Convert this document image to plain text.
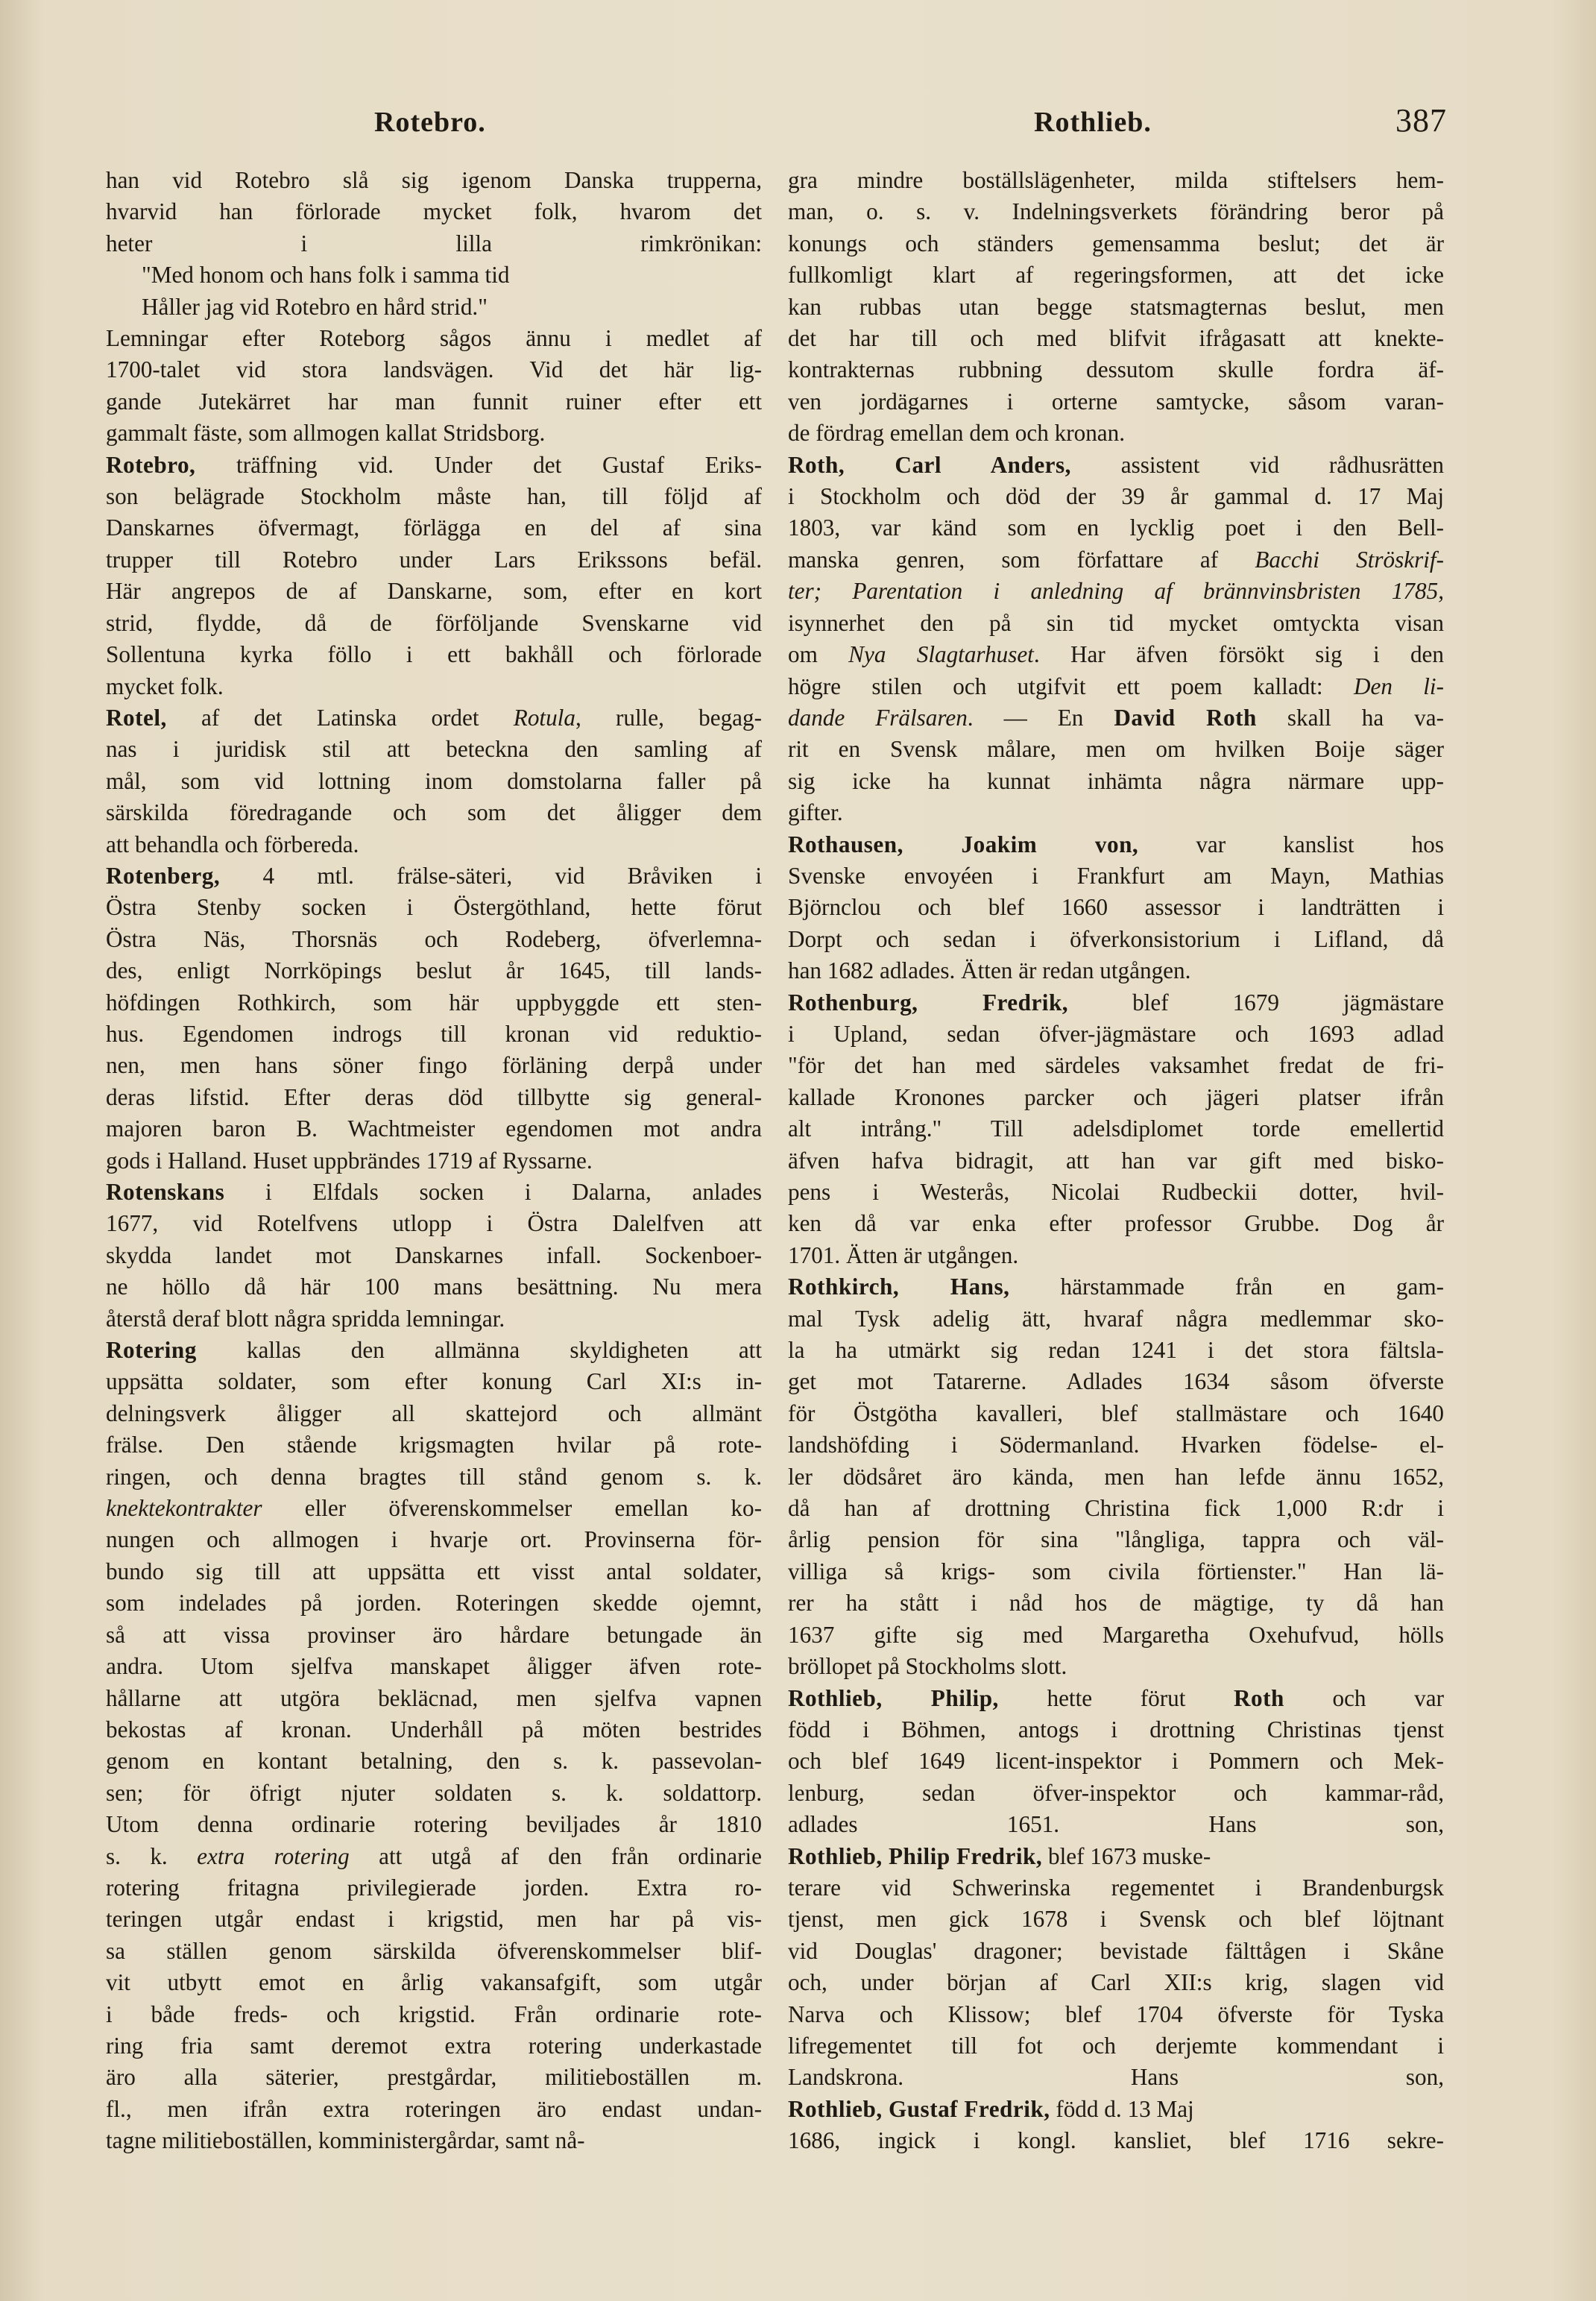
Rotebro.	Rothlieb.	387

han vid Rotebro slå sig igenom Danska trupperna,

hvarvid han förlorade mycket folk, hvarom det

heter i lilla rimkrönikan:

"Med honom och hans folk i samma tid

Håller jag vid Rotebro en hård strid."

Lemningar efter Roteborg sågos ännu i medlet af

1700-talet vid stora landsvägen. Vid det här lig-

gande Jutekärret har man funnit ruiner efter ett

gammalt fäste, som allmogen kallat Stridsborg.

Rotebro, träffning vid. Under det Gustaf Eriks-

son belägrade Stockholm måste han, till följd af

Danskarnes öfvermagt, förlägga en del af sina

trupper till Rotebro under Lars Erikssons befäl.

Här angrepos de af Danskarne, som, efter en kort

strid, flydde, då de förföljande Svenskarne vid

Sollentuna kyrka föllo i ett bakhåll och förlorade

mycket folk.

Rotel, af det Latinska ordet Rotula, rulle, begag-

nas i juridisk stil att beteckna den samling af

mål, som vid lottning inom domstolarna faller på

särskilda föredragande och som det åligger dem

att behandla och förbereda.

Rotenberg, 4 mtl. frälse-säteri, vid Bråviken i

Östra Stenby socken i Östergöthland, hette förut

Östra Näs, Thorsnäs och Rodeberg, öfverlemna-

des, enligt Norrköpings beslut år 1645, till lands-

höfdingen Rothkirch, som här uppbyggde ett sten-

hus. Egendomen indrogs till kronan vid reduktio-

nen, men hans söner fingo förläning derpå under

deras lifstid. Efter deras död tillbytte sig general-

majoren baron B. Wachtmeister egendomen mot andra

gods i Halland. Huset uppbrändes 1719 af Ryssarne.

Rotenskans i Elfdals socken i Dalarna, anlades

1677, vid Rotelfvens utlopp i Östra Dalelfven att

skydda landet mot Danskarnes infall. Sockenboer-

ne höllo då här 100 mans besättning. Nu mera

återstå deraf blott några spridda lemningar.

Rotering kallas den allmänna skyldigheten att

uppsätta soldater, som efter konung Carl XI:s in-

delningsverk åligger all skattejord och allmänt

frälse. Den stående krigsmagten hvilar på rote-

ringen, och denna bragtes till stånd genom s. k.

knektekontrakter eller öfverenskommelser emellan ko-

nungen och allmogen i hvarje ort. Provinserna för-

bundo sig till att uppsätta ett visst antal soldater,

som indelades på jorden. Roteringen skedde ojemnt,

så att vissa provinser äro hårdare betungade än

andra. Utom sjelfva manskapet åligger äfven rote-

hållarne att utgöra bekläcnad, men sjelfva vapnen

bekostas af kronan. Underhåll på möten bestrides

genom en kontant betalning, den s. k. passevolan-

sen; för öfrigt njuter soldaten s. k. soldattorp.

Utom denna ordinarie rotering beviljades år 1810

s. k. extra rotering att utgå af den från ordinarie

rotering fritagna privilegierade jorden. Extra ro-

teringen utgår endast i krigstid, men har på vis-

sa ställen genom särskilda öfverenskommelser blif-

vit utbytt emot en årlig vakansafgift, som utgår

i både freds- och krigstid. Från ordinarie rote-

ring fria samt deremot extra rotering underkastade

äro alla säterier, prestgårdar, militieboställen m.

fl., men ifrån extra roteringen äro endast undan-

tagne militieboställen, komministergårdar, samt nå-

gra mindre boställslägenheter, milda stiftelsers hem-

man, o. s. v. Indelningsverkets förändring beror på

konungs och ständers gemensamma beslut; det är

fullkomligt klart af regeringsformen, att det icke

kan rubbas utan begge statsmagternas beslut, men

det har till och med blifvit ifrågasatt att knekte-

kontrakternas rubbning dessutom skulle fordra äf-

ven jordägarnes i orterne samtycke, såsom varan-

de fördrag emellan dem och kronan.

Roth, Carl Anders, assistent vid rådhusrätten

i Stockholm och död der 39 år gammal d. 17 Maj

1803, var känd som en lycklig poet i den Bell-

manska genren, som författare af Bacchi Ströskrif-

ter; Parentation i anledning af brännvinsbristen 1785,

isynnerhet den på sin tid mycket omtyckta visan

om Nya Slagtarhuset. Har äfven försökt sig i den

högre stilen och utgifvit ett poem kalladt: Den li-

dande Frälsaren. — En David Roth skall ha va-

rit en Svensk målare, men om hvilken Boije säger

sig icke ha kunnat inhämta några närmare upp-

gifter.

Rothausen, Joakim von, var kanslist hos

Svenske envoyéen i Frankfurt am Mayn, Mathias

Björnclou och blef 1660 assessor i landträtten i

Dorpt och sedan i öfverkonsistorium i Lifland, då

han 1682 adlades. Ätten är redan utgången.

Rothenburg, Fredrik, blef 1679 jägmästare

i Upland, sedan öfver-jägmästare och 1693 adlad

"för det han med särdeles vaksamhet fredat de fri-

kallade Kronones parcker och jägeri platser ifrån

alt intrång." Till adelsdiplomet torde emellertid

äfven hafva bidragit, att han var gift med bisko-

pens i Westerås, Nicolai Rudbeckii dotter, hvil-

ken då var enka efter professor Grubbe. Dog år

1701. Ätten är utgången.

Rothkirch, Hans, härstammade från en gam-

mal Tysk adelig ätt, hvaraf några medlemmar sko-

la ha utmärkt sig redan 1241 i det stora fältsla-

get mot Tatarerne. Adlades 1634 såsom öfverste

för Östgötha kavalleri, blef stallmästare och 1640

landshöfding i Södermanland. Hvarken födelse- el-

ler dödsåret äro kända, men han lefde ännu 1652,

då han af drottning Christina fick 1,000 R:dr i

årlig pension för sina "långliga, tappra och väl-

villiga så krigs- som civila förtienster." Han lä-

rer ha stått i nåd hos de mägtige, ty då han

1637 gifte sig med Margaretha Oxehufvud, hölls

bröllopet på Stockholms slott.

Rothlieb, Philip, hette förut Roth och var

född i Böhmen, antogs i drottning Christinas tjenst

och blef 1649 licent-inspektor i Pommern och Mek-

lenburg, sedan öfver-inspektor och kammar-råd,

adlades 1651. Hans son,

Rothlieb, Philip Fredrik, blef 1673 muske-

terare vid Schwerinska regementet i Brandenburgsk

tjenst, men gick 1678 i Svensk och blef löjtnant

vid Douglas' dragoner; bevistade fälttågen i Skåne

och, under början af Carl XII:s krig, slagen vid

Narva och Klissow; blef 1704 öfverste för Tyska

lifregementet till fot och derjemte kommendant i

Landskrona. Hans son,

Rothlieb, Gustaf Fredrik, född d. 13 Maj

1686, ingick i kongl. kansliet, blef 1716 sekre-
